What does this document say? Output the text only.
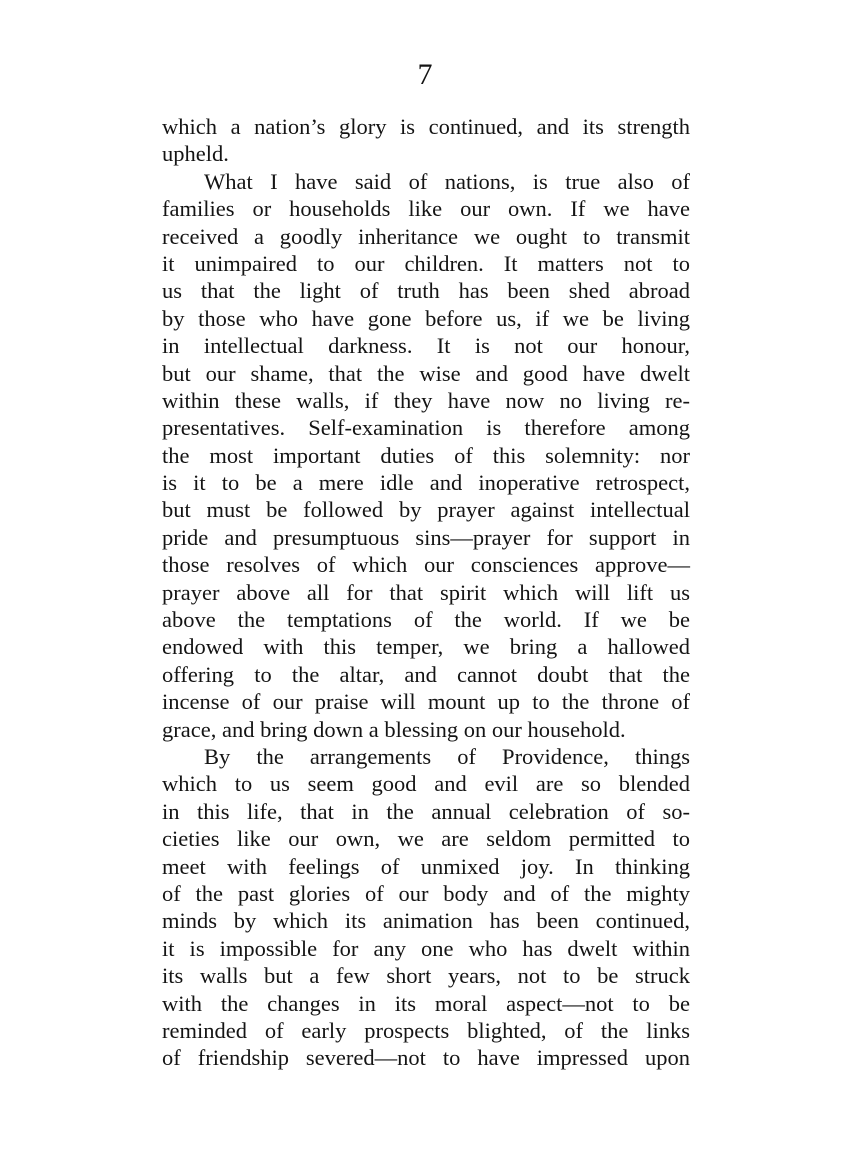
7
which a nation’s glory is continued, and its strength
upheld.
What I have said of nations, is true also of
families or households like our own. If we have
received a goodly inheritance we ought to transmit
it unimpaired to our children. It matters not to
us that the light of truth has been shed abroad
by those who have gone before us, if we be living
in intellectual darkness. It is not our honour,
but our shame, that the wise and good have dwelt
within these walls, if they have now no living re-
presentatives. Self-examination is therefore among
the most important duties of this solemnity: nor
is it to be a mere idle and inoperative retrospect,
but must be followed by prayer against intellectual
pride and presumptuous sins—prayer for support in
those resolves of which our consciences approve—
prayer above all for that spirit which will lift us
above the temptations of the world. If we be
endowed with this temper, we bring a hallowed
offering to the altar, and cannot doubt that the
incense of our praise will mount up to the throne of
grace, and bring down a blessing on our household.
By the arrangements of Providence, things
which to us seem good and evil are so blended
in this life, that in the annual celebration of so-
cieties like our own, we are seldom permitted to
meet with feelings of unmixed joy. In thinking
of the past glories of our body and of the mighty
minds by which its animation has been continued,
it is impossible for any one who has dwelt within
its walls but a few short years, not to be struck
with the changes in its moral aspect—not to be
reminded of early prospects blighted, of the links
of friendship severed—not to have impressed upon
